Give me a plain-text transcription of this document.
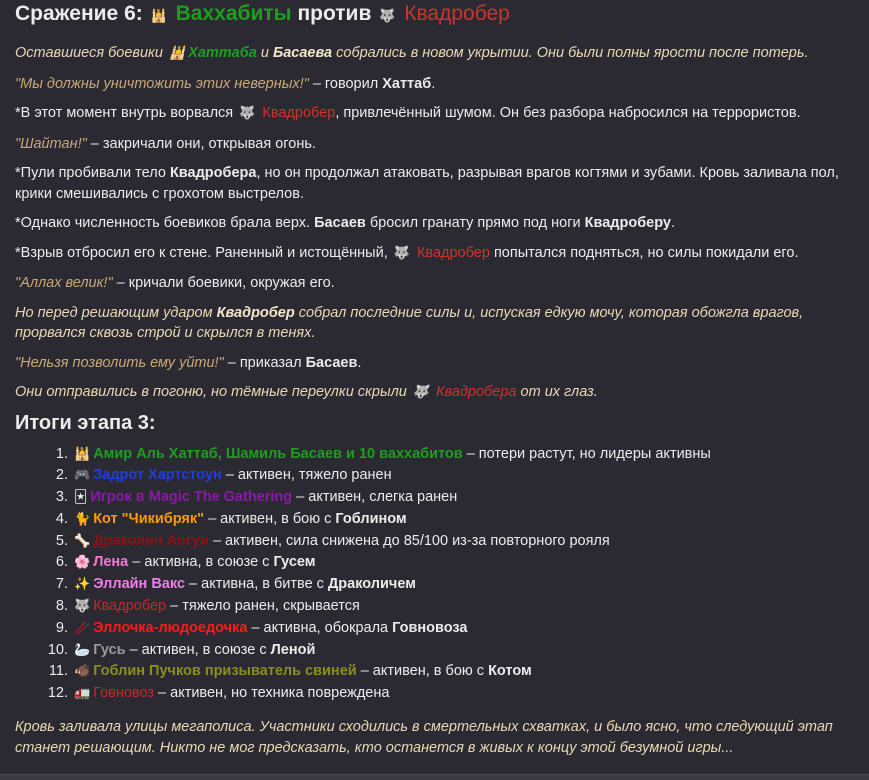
Сражение 6: 🕌 Ваххабиты против 🐺 Квадробер

Оставшиеся боевики 🕌 Хаттаба и Басаева собрались в новом укрытии. Они были полны ярости после потерь.

"Мы должны уничтожить этих неверных!" – говорил Хаттаб.

*В этот момент внутрь ворвался 🐺 Квадробер, привлечённый шумом. Он без разбора набросился на террористов.

"Шайтан!" – закричали они, открывая огонь.

*Пули пробивали тело Квадробера, но он продолжал атаковать, разрывая врагов когтями и зубами. Кровь заливала пол, крики смешивались с грохотом выстрелов.

*Однако численность боевиков брала верх. Басаев бросил гранату прямо под ноги Квадроберу.

*Взрыв отбросил его к стене. Раненный и истощённый, 🐺 Квадробер попытался подняться, но силы покидали его.

"Аллах велик!" – кричали боевики, окружая его.

Но перед решающим ударом Квадробер собрал последние силы и, испуская едкую мочу, которая обожгла врагов, прорвался сквозь строй и скрылся в тенях.

"Нельзя позволить ему уйти!" – приказал Басаев.

Они отправились в погоню, но тёмные переулки скрыли 🐺 Квадробера от их глаз.

Итоги этапа 3:
1. 🕌 Амир Аль Хаттаб, Шамиль Басаев и 10 ваххабитов – потери растут, но лидеры активны
2. 🎮 Задрот Хартстоун – активен, тяжело ранен
3. 🃏 Игрок в Magic The Gathering – активен, слегка ранен
4. 🐈 Кот "Чикибряк" – активен, в бою с Гоблином
5. 🦴 Драколич Аогуи – активен, сила снижена до 85/100 из-за повторного рояля
6. 🌸 Лена – активна, в союзе с Гусем
7. ✨ Эллайн Вакс – активна, в битве с Драколичем
8. 🐺 Квадробер – тяжело ранен, скрывается
9. 🥢 Эллочка-людоедочка – активна, обокрала Говновоза
10. 🦢 Гусь – активен, в союзе с Леной
11. 🐗 Гоблин Пучков призыватель свиней – активен, в бою с Котом
12. 🚛 Говновоз – активен, но техника повреждена

Кровь заливала улицы мегаполиса. Участники сходились в смертельных схватках, и было ясно, что следующий этап станет решающим. Никто не мог предсказать, кто останется в живых к концу этой безумной игры...
